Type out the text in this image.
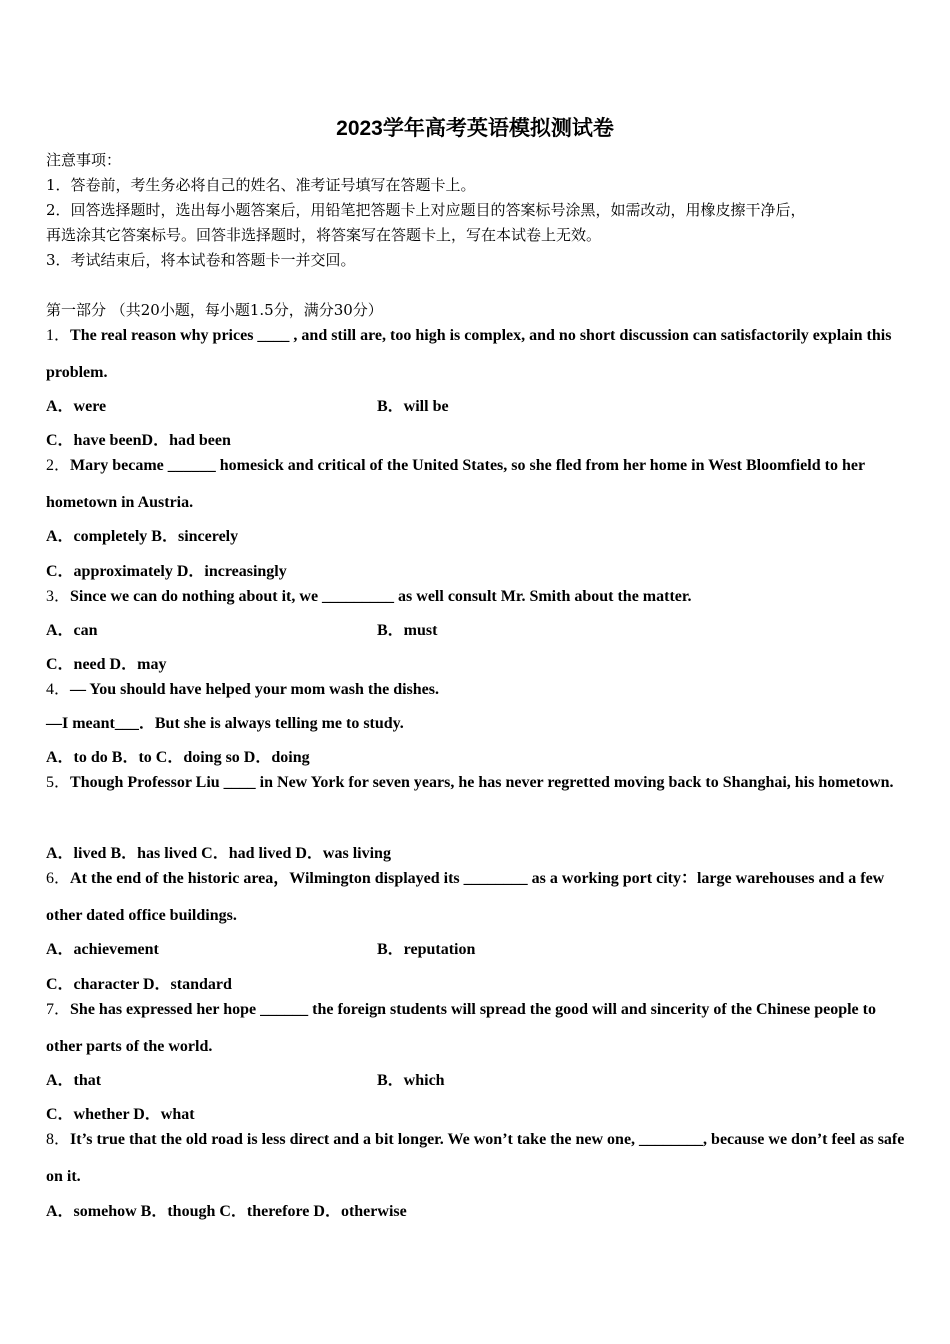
2023学年高考英语模拟测试卷
注意事项：
1．答卷前，考生务必将自己的姓名、准考证号填写在答题卡上。
2．回答选择题时，选出每小题答案后，用铅笔把答题卡上对应题目的答案标号涂黑，如需改动，用橡皮擦干净后，
再选涂其它答案标号。回答非选择题时，将答案写在答题卡上，写在本试卷上无效。
3．考试结束后，将本试卷和答题卡一并交回。
第一部分 （共20小题，每小题1.5分，满分30分）
1．The real reason why prices ____ , and still are, too high is complex, and no short discussion can satisfactorily explain this problem.
A．were	B．will be
C．have beenD．had been
2．Mary became ______ homesick and critical of the United States, so she fled from her home in West Bloomfield to her hometown in Austria.
A．completely B．sincerely
C．approximately D．increasingly
3．Since we can do nothing about it, we _________ as well consult Mr. Smith about the matter.
A．can	B．must
C．need D．may
4．— You should have helped your mom wash the dishes.
—I meant___．But she is always telling me to study.
A．to do B．to C．doing so D．doing
5．Though Professor Liu ____ in New York for seven years, he has never regretted moving back to Shanghai, his hometown.
A．lived B．has lived C．had lived D．was living
6．At the end of the historic area，Wilmington displayed its ________ as a working port city：large warehouses and a few other dated office buildings.
A．achievement	B．reputation
C．character D．standard
7．She has expressed her hope ______ the foreign students will spread the good will and sincerity of the Chinese people to other parts of the world.
A．that	B．which
C．whether D．what
8．It’s true that the old road is less direct and a bit longer. We won’t take the new one, ________, because we don’t feel as safe on it.
A．somehow B．though C．therefore D．otherwise
